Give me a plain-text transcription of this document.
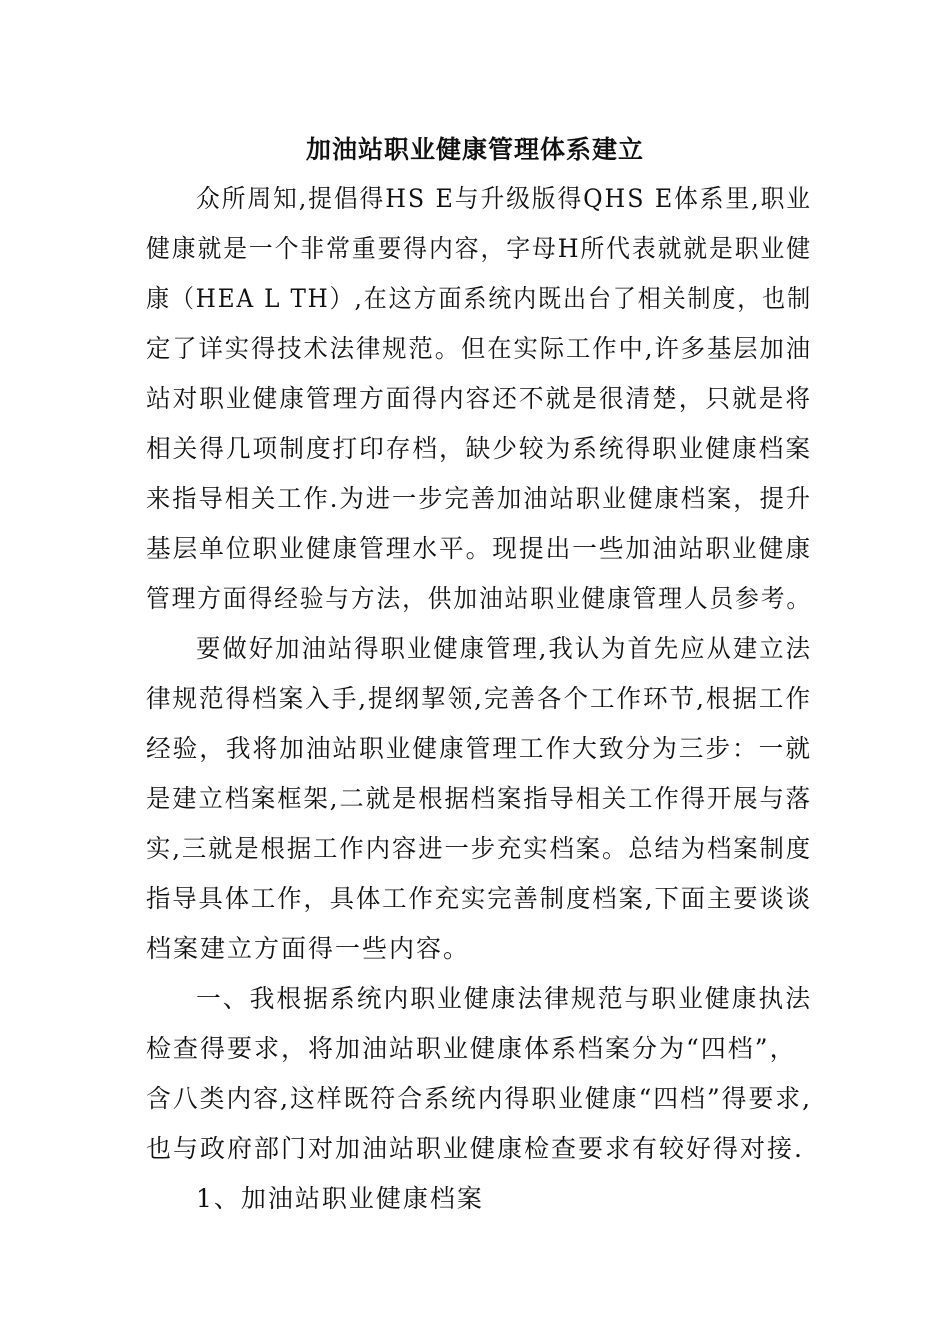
加油站职业健康管理体系建立
众所周知,提倡得HS E与升级版得QHS E体系里,职业
健康就是一个非常重要得内容，字母H所代表就就是职业健
康（HEA L TH）,在这方面系统内既出台了相关制度，也制
定了详实得技术法律规范。但在实际工作中,许多基层加油
站对职业健康管理方面得内容还不就是很清楚，只就是将
相关得几项制度打印存档，缺少较为系统得职业健康档案
来指导相关工作.为进一步完善加油站职业健康档案，提升
基层单位职业健康管理水平。现提出一些加油站职业健康
管理方面得经验与方法，供加油站职业健康管理人员参考。
要做好加油站得职业健康管理,我认为首先应从建立法
律规范得档案入手,提纲挈领,完善各个工作环节,根据工作
经验，我将加油站职业健康管理工作大致分为三步：一就
是建立档案框架,二就是根据档案指导相关工作得开展与落
实,三就是根据工作内容进一步充实档案。总结为档案制度
指导具体工作，具体工作充实完善制度档案,下面主要谈谈
档案建立方面得一些内容。
一、我根据系统内职业健康法律规范与职业健康执法
检查得要求，将加油站职业健康体系档案分为“四档”，
含八类内容,这样既符合系统内得职业健康“四档”得要求,
也与政府部门对加油站职业健康检查要求有较好得对接.
1、加油站职业健康档案
